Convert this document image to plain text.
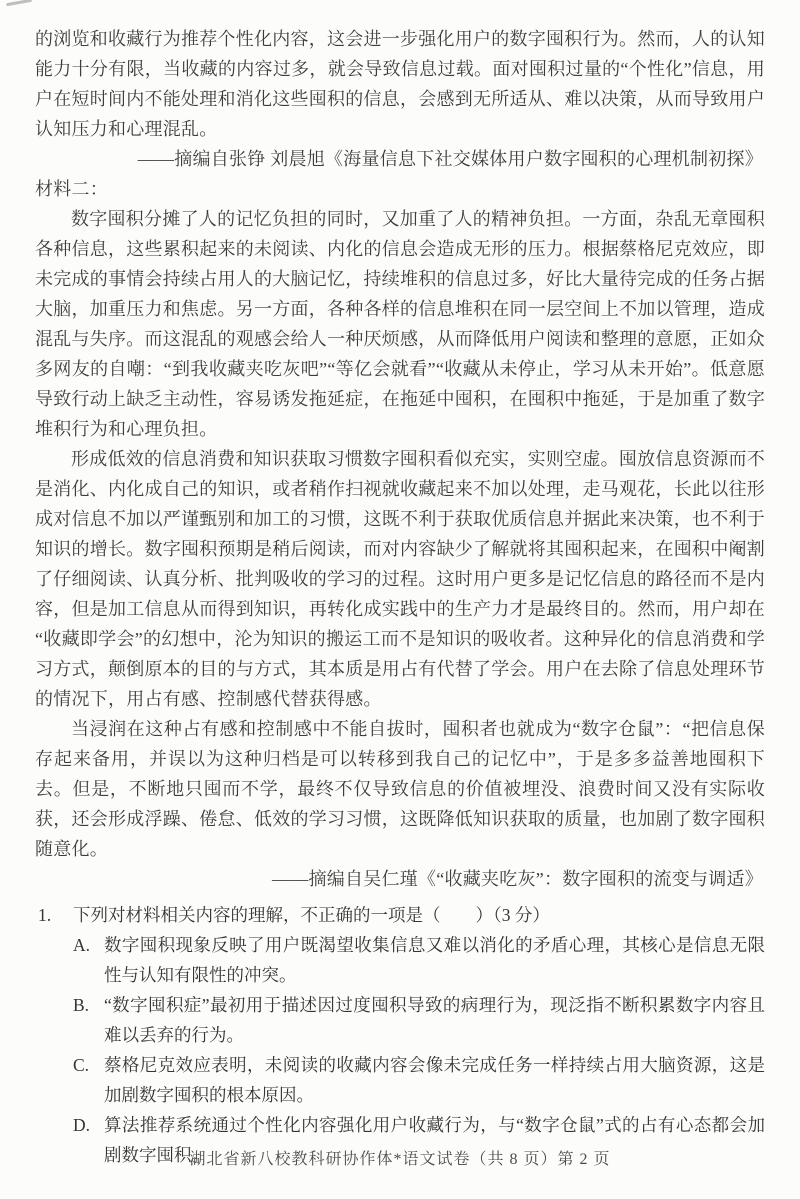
的浏览和收藏行为推荐个性化内容，这会进一步强化用户的数字囤积行为。然而，人的认知能力十分有限，当收藏的内容过多，就会导致信息过载。面对囤积过量的“个性化”信息，用户在短时间内不能处理和消化这些囤积的信息，会感到无所适从、难以决策，从而导致用户认知压力和心理混乱。

——摘编自张铮 刘晨旭《海量信息下社交媒体用户数字囤积的心理机制初探》

材料二：

数字囤积分摊了人的记忆负担的同时，又加重了人的精神负担。一方面，杂乱无章囤积各种信息，这些累积起来的未阅读、内化的信息会造成无形的压力。根据蔡格尼克效应，即未完成的事情会持续占用人的大脑记忆，持续堆积的信息过多，好比大量待完成的任务占据大脑，加重压力和焦虑。另一方面，各种各样的信息堆积在同一层空间上不加以管理，造成混乱与失序。而这混乱的观感会给人一种厌烦感，从而降低用户阅读和整理的意愿，正如众多网友的自嘲：“到我收藏夹吃灰吧”“等亿会就看”“收藏从未停止，学习从未开始”。低意愿导致行动上缺乏主动性，容易诱发拖延症，在拖延中囤积，在囤积中拖延，于是加重了数字堆积行为和心理负担。

形成低效的信息消费和知识获取习惯数字囤积看似充实，实则空虚。囤放信息资源而不是消化、内化成自己的知识，或者稍作扫视就收藏起来不加以处理，走马观花，长此以往形成对信息不加以严谨甄别和加工的习惯，这既不利于获取优质信息并据此来决策，也不利于知识的增长。数字囤积预期是稍后阅读，而对内容缺少了解就将其囤积起来，在囤积中阉割了仔细阅读、认真分析、批判吸收的学习的过程。这时用户更多是记忆信息的路径而不是内容，但是加工信息从而得到知识，再转化成实践中的生产力才是最终目的。然而，用户却在“收藏即学会”的幻想中，沦为知识的搬运工而不是知识的吸收者。这种异化的信息消费和学习方式，颠倒原本的目的与方式，其本质是用占有代替了学会。用户在去除了信息处理环节的情况下，用占有感、控制感代替获得感。

当浸润在这种占有感和控制感中不能自拔时，囤积者也就成为“数字仓鼠”：“把信息保存起来备用，并误以为这种归档是可以转移到我自己的记忆中”，于是多多益善地囤积下去。但是，不断地只囤而不学，最终不仅导致信息的价值被埋没、浪费时间又没有实际收获，还会形成浮躁、倦怠、低效的学习习惯，这既降低知识获取的质量，也加剧了数字囤积随意化。

——摘编自吴仁瑾《“收藏夹吃灰”：数字囤积的流变与调适》

1.	下列对材料相关内容的理解，不正确的一项是（　　）（3 分）
A. 数字囤积现象反映了用户既渴望收集信息又难以消化的矛盾心理，其核心是信息无限性与认知有限性的冲突。
B. “数字囤积症”最初用于描述因过度囤积导致的病理行为，现泛指不断积累数字内容且难以丢弃的行为。
C. 蔡格尼克效应表明，未阅读的收藏内容会像未完成任务一样持续占用大脑资源，这是加剧数字囤积的根本原因。
D. 算法推荐系统通过个性化内容强化用户收藏行为，与“数字仓鼠”式的占有心态都会加剧数字囤积。
湖北省新八校教科研协作体*语文试卷（共 8 页）第 2 页
